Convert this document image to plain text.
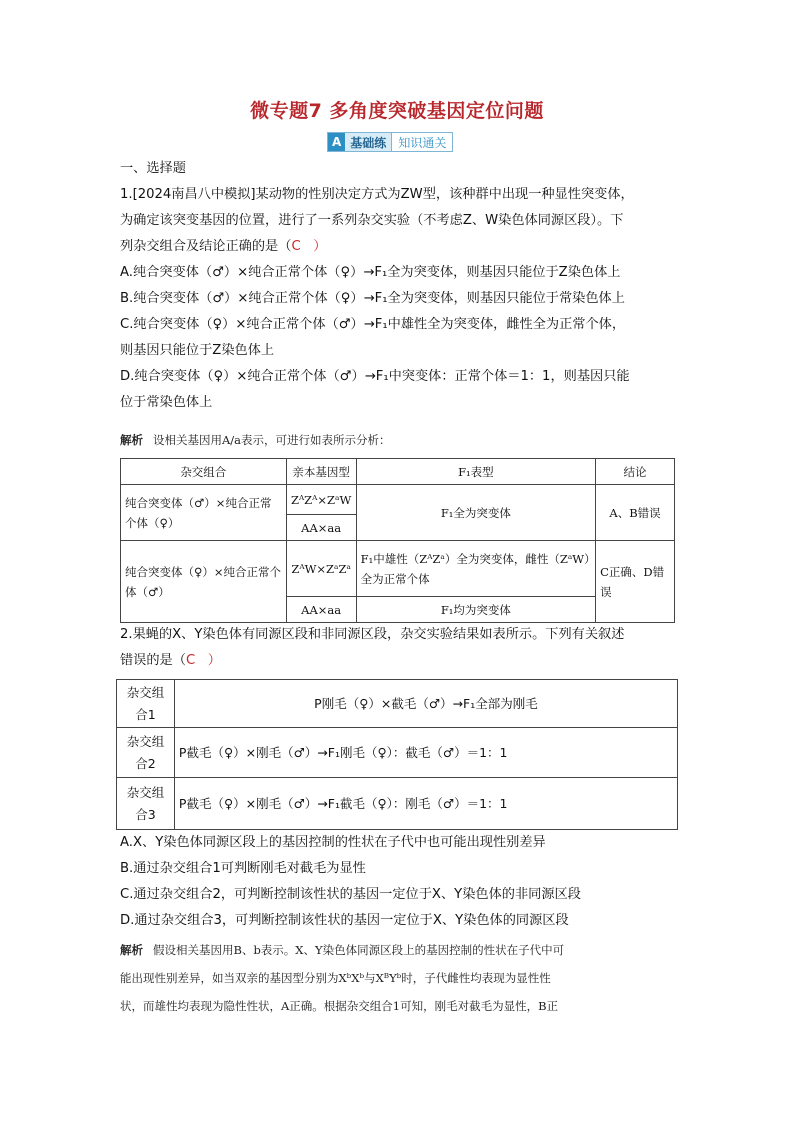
微专题7 多角度突破基因定位问题
A 基础练	知识通关
一、选择题
1.[2024南昌八中模拟]某动物的性别决定方式为ZW型，该种群中出现一种显性突变体，
为确定该突变基因的位置，进行了一系列杂交实验（不考虑Z、W染色体同源区段）。下
列杂交组合及结论正确的是（C ）
A.纯合突变体（♂）×纯合正常个体（♀）→F₁全为突变体，则基因只能位于Z染色体上
B.纯合突变体（♂）×纯合正常个体（♀）→F₁全为突变体，则基因只能位于常染色体上
C.纯合突变体（♀）×纯合正常个体（♂）→F₁中雄性全为突变体，雌性全为正常个体，
则基因只能位于Z染色体上
D.纯合突变体（♀）×纯合正常个体（♂）→F₁中突变体：正常个体＝1：1，则基因只能
位于常染色体上
解析 设相关基因用A/a表示，可进行如表所示分析：
杂交组合	亲本基因型	F₁表型	结论
纯合突变体（♂）×纯合正常个体（♀）	ZᴬZᴬ×ZᵃW	F₁全为突变体	A、B错误
	AA×aa		
纯合突变体（♀）×纯合正常个体（♂）	ZᴬW×ZᵃZᵃ	F₁中雄性（ZᴬZᵃ）全为突变体，雌性（ZᵃW）全为正常个体	C正确、D错误
	AA×aa	F₁均为突变体	
2.果蝇的X、Y染色体有同源区段和非同源区段，杂交实验结果如表所示。下列有关叙述
错误的是（C ）
杂交组合1	P刚毛（♀）×截毛（♂）→F₁全部为刚毛
杂交组合2	P截毛（♀）×刚毛（♂）→F₁刚毛（♀）：截毛（♂）＝1：1
杂交组合3	P截毛（♀）×刚毛（♂）→F₁截毛（♀）：刚毛（♂）＝1：1
A.X、Y染色体同源区段上的基因控制的性状在子代中也可能出现性别差异
B.通过杂交组合1可判断刚毛对截毛为显性
C.通过杂交组合2，可判断控制该性状的基因一定位于X、Y染色体的非同源区段
D.通过杂交组合3，可判断控制该性状的基因一定位于X、Y染色体的同源区段
解析 假设相关基因用B、b表示。X、Y染色体同源区段上的基因控制的性状在子代中可
能出现性别差异，如当双亲的基因型分别为XᵇXᵇ与XᴮYᵇ时，子代雌性均表现为显性性
状，而雄性均表现为隐性性状，A正确。根据杂交组合1可知，刚毛对截毛为显性，B正
